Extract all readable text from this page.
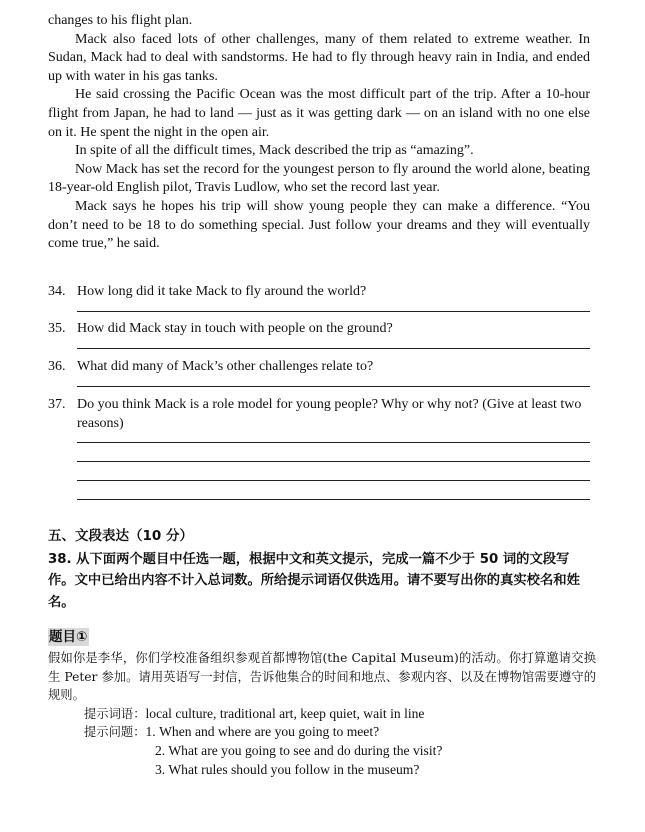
changes to his flight plan.

Mack also faced lots of other challenges, many of them related to extreme weather. In Sudan, Mack had to deal with sandstorms. He had to fly through heavy rain in India, and ended up with water in his gas tanks.

He said crossing the Pacific Ocean was the most difficult part of the trip. After a 10-hour flight from Japan, he had to land — just as it was getting dark — on an island with no one else on it. He spent the night in the open air.

In spite of all the difficult times, Mack described the trip as “amazing”.

Now Mack has set the record for the youngest person to fly around the world alone, beating 18-year-old English pilot, Travis Ludlow, who set the record last year.

Mack says he hopes his trip will show young people they can make a difference. “You don’t need to be 18 to do something special. Just follow your dreams and they will eventually come true,” he said.

34. How long did it take Mack to fly around the world?
35. How did Mack stay in touch with people on the ground?
36. What did many of Mack’s other challenges relate to?
37. Do you think Mack is a role model for young people? Why or why not? (Give at least two reasons)
五、文段表达（10 分）
38. 从下面两个题目中任选一题，根据中文和英文提示，完成一篇不少于 50 词的文段写作。文中已给出内容不计入总词数。所给提示词语仅供选用。请不要写出你的真实校名和姓名。
题目①
假如你是李华，你们学校准备组织参观首都博物馆(the Capital Museum)的活动。你打算邀请交换生 Peter 参加。请用英语写一封信，告诉他集合的时间和地点、参观内容、以及在博物馆需要遵守的规则。
提示词语：local culture, traditional art, keep quiet, wait in line
提示问题：1. When and where are you going to meet?
2. What are you going to see and do during the visit?
3. What rules should you follow in the museum?
